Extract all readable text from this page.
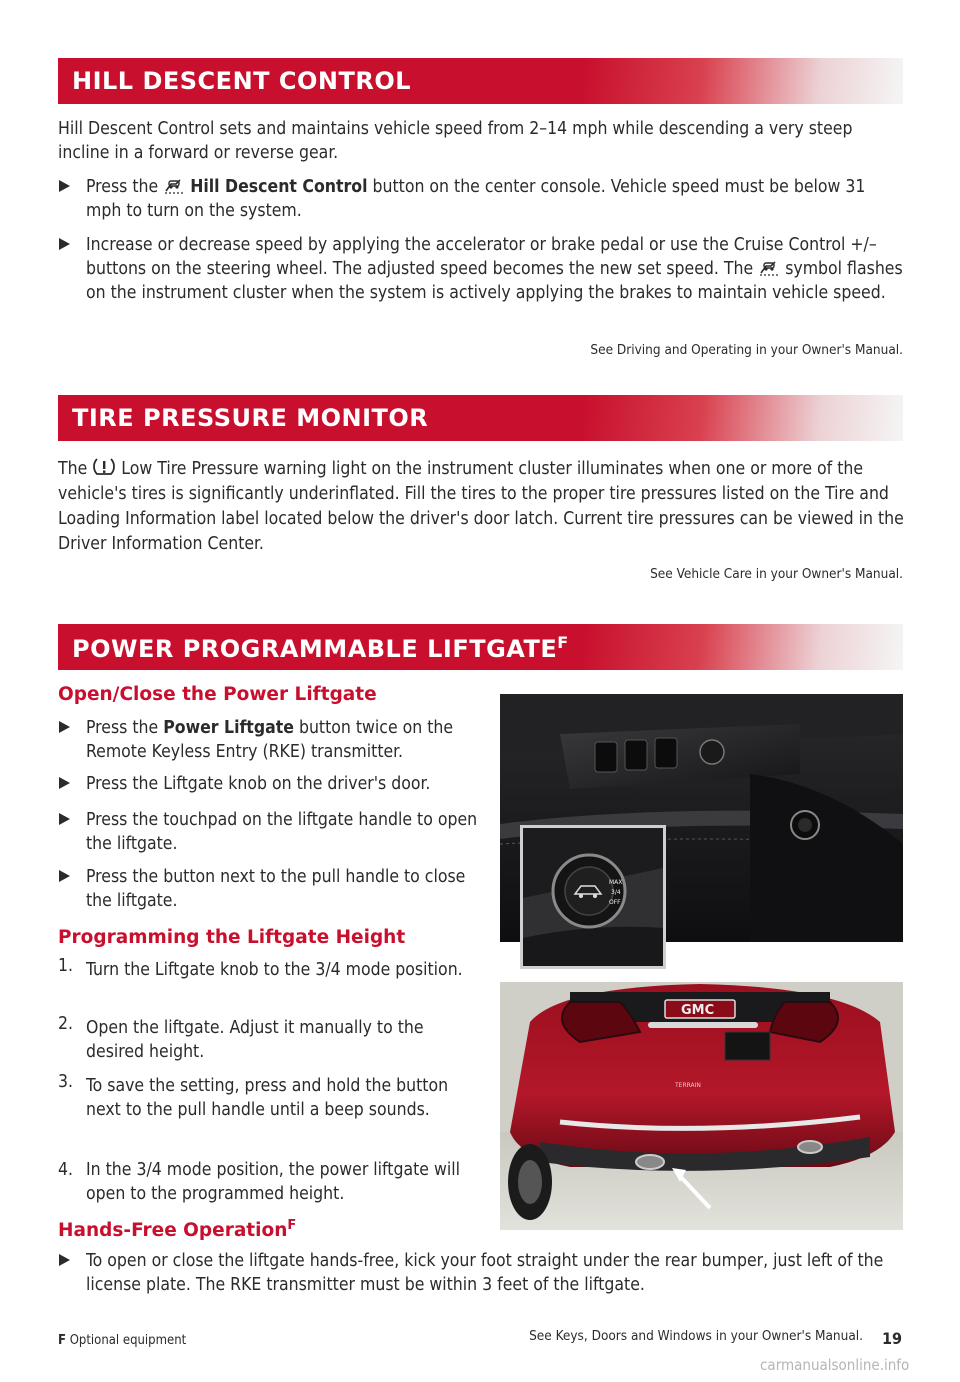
HILL DESCENT CONTROL
Hill Descent Control sets and maintains vehicle speed from 2–14 mph while descending a very steep incline in a forward or reverse gear.
Press the Hill Descent Control button on the center console. Vehicle speed must be below 31 mph to turn on the system.
Increase or decrease speed by applying the accelerator or brake pedal or use the Cruise Control +/– buttons on the steering wheel. The adjusted speed becomes the new set speed. The symbol flashes on the instrument cluster when the system is actively applying the brakes to maintain vehicle speed.
See Driving and Operating in your Owner's Manual.
TIRE PRESSURE MONITOR
The Low Tire Pressure warning light on the instrument cluster illuminates when one or more of the vehicle's tires is significantly underinflated. Fill the tires to the proper tire pressures listed on the Tire and Loading Information label located below the driver's door latch. Current tire pressures can be viewed in the Driver Information Center.
See Vehicle Care in your Owner's Manual.
POWER PROGRAMMABLE $LIFTGATE^F$
Open/Close the Power Liftgate
Press the Power Liftgate button twice on the Remote Keyless Entry (RKE) transmitter.
Press the Liftgate knob on the driver's door.
Press the touchpad on the liftgate handle to open the liftgate.
Press the button next to the pull handle to close the liftgate.
Programming the Liftgate Height
1. Turn the Liftgate knob to the 3/4 mode position.
2. Open the liftgate. Adjust it manually to the desired height.
3. To save the setting, press and hold the button next to the pull handle until a beep sounds.
4. In the 3/4 mode position, the power liftgate will open to the programmed height.
Hands-Free Operation$^F$
To open or close the liftgate hands-free, kick your foot straight under the rear bumper, just left of the license plate. The RKE transmitter must be within 3 feet of the liftgate.
MAX
3/4
OFF
GMC
TERRAIN
See Keys, Doors and Windows in your Owner's Manual.
F Optional equipment	19
carmanualsonline.info
